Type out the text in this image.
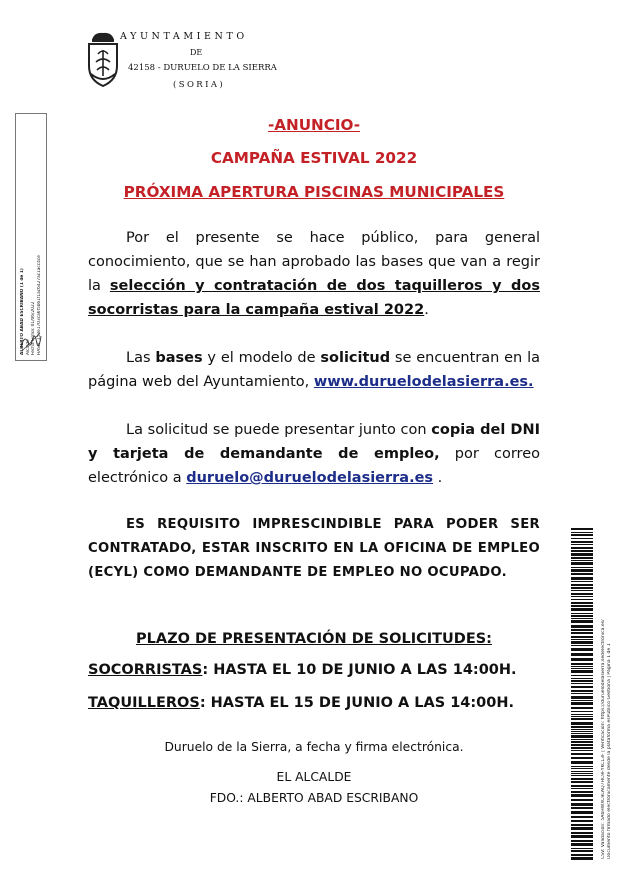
AYUNTAMIENTO
DE
42158 - DURUELO DE LA SIERRA
(SORIA)
ALBERTO ABAD ESCRIBANO (1 de 1) Alcalde Fecha Firma: 01/06/2022 HASH: 158e1703ca6f5b61f1ac6427ac1acc4ce
CSV: Validación: 5A6HWXC9LAQ7HC9FYKCL3F | Verificación: https://duruelodelasierra.sedelectronica.es/ Documento firmado electrónicamente desde la plataforma esPublico Gestiona | Página 1 de 1
-ANUNCIO-
CAMPAÑA ESTIVAL 2022
PRÓXIMA APERTURA PISCINAS MUNICIPALES
Por el presente se hace público, para general conocimiento, que se han aprobado las bases que van a regir la selección y contratación de dos taquilleros y dos socorristas para la campaña estival 2022.
Las bases y el modelo de solicitud se encuentran en la página web del Ayuntamiento, www.duruelodelasierra.es.
La solicitud se puede presentar junto con copia del DNI y tarjeta de demandante de empleo, por correo electrónico a duruelo@duruelodelasierra.es .
ES REQUISITO IMPRESCINDIBLE PARA PODER SER CONTRATADO, ESTAR INSCRITO EN LA OFICINA DE EMPLEO (ECYL) COMO DEMANDANTE DE EMPLEO NO OCUPADO.
PLAZO DE PRESENTACIÓN DE SOLICITUDES:
SOCORRISTAS: HASTA EL 10 DE JUNIO A LAS 14:00H.
TAQUILLEROS: HASTA EL 15 DE JUNIO A LAS 14:00H.
Duruelo de la Sierra, a fecha y firma electrónica.
EL ALCALDE
FDO.: ALBERTO ABAD ESCRIBANO
